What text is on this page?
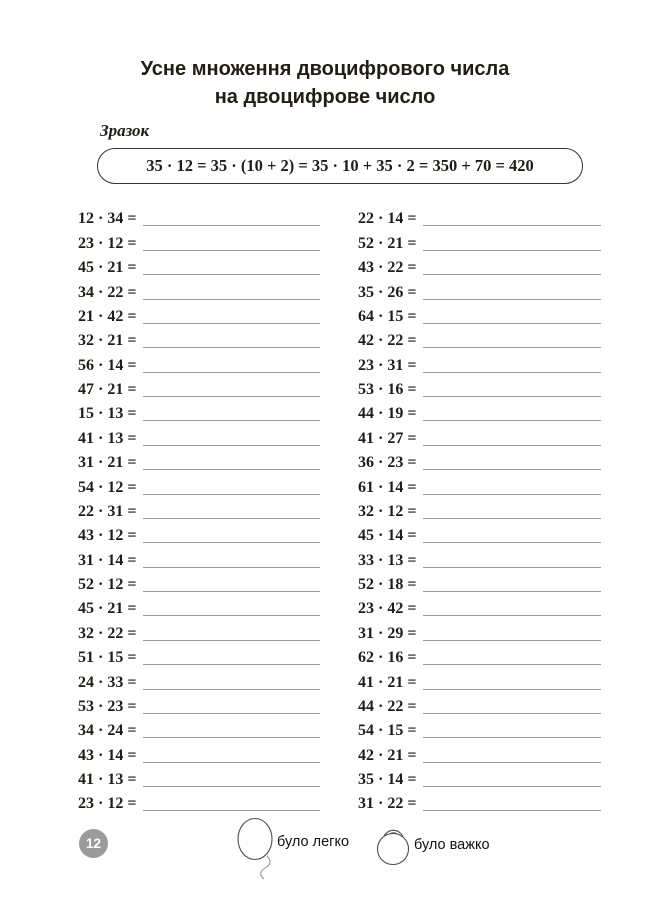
Усне множення двоцифрового числа
на двоцифрове число
Зразок
35 · 12 = 35 · (10 + 2) = 35 · 10 + 35 · 2 = 350 + 70 = 420
12 · 34 =
23 · 12 =
45 · 21 =
34 · 22 =
21 · 42 =
32 · 21 =
56 · 14 =
47 · 21 =
15 · 13 =
41 · 13 =
31 · 21 =
54 · 12 =
22 · 31 =
43 · 12 =
31 · 14 =
52 · 12 =
45 · 21 =
32 · 22 =
51 · 15 =
24 · 33 =
53 · 23 =
34 · 24 =
43 · 14 =
41 · 13 =
23 · 12 =
22 · 14 =
52 · 21 =
43 · 22 =
35 · 26 =
64 · 15 =
42 · 22 =
23 · 31 =
53 · 16 =
44 · 19 =
41 · 27 =
36 · 23 =
61 · 14 =
32 · 12 =
45 · 14 =
33 · 13 =
52 · 18 =
23 · 42 =
31 · 29 =
62 · 16 =
41 · 21 =
44 · 22 =
54 · 15 =
42 · 21 =
35 · 14 =
31 · 22 =
12	було легко	було важко
